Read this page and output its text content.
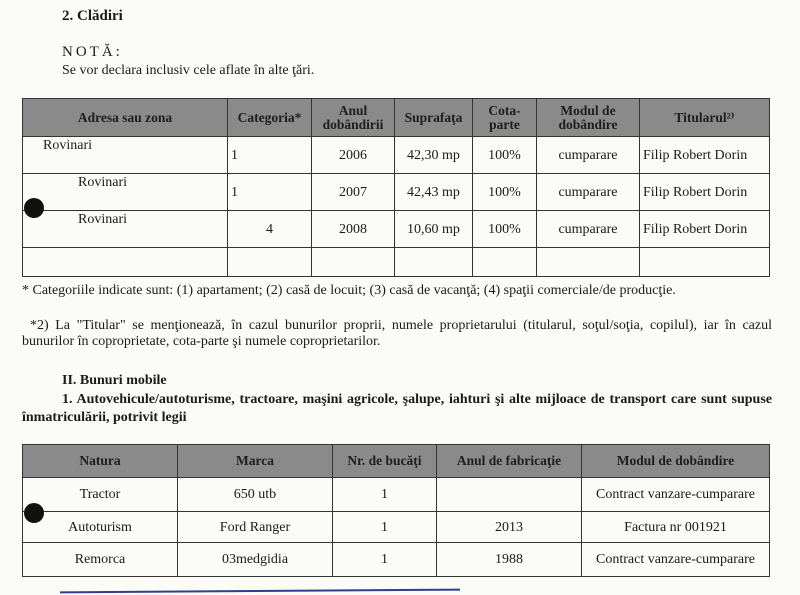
2. Clădiri
NOTĂ:
Se vor declara inclusiv cele aflate în alte ţări.
Adresa sau zona	Categoria*	Anul dobândirii	Suprafaţa	Cota-parte	Modul de dobândire	Titularul²⁾
Rovinari	1	2006	42,30 mp	100%	cumparare	Filip Robert Dorin
Rovinari	1	2007	42,43 mp	100%	cumparare	Filip Robert Dorin
Rovinari	4	2008	10,60 mp	100%	cumparare	Filip Robert Dorin

* Categoriile indicate sunt: (1) apartament; (2) casă de locuit; (3) casă de vacanţă; (4) spaţii comerciale/de producţie.
*2) La "Titular" se menţionează, în cazul bunurilor proprii, numele proprietarului (titularul, soţul/soţia, copilul), iar în cazul bunurilor în coproprietate, cota-parte şi numele coproprietarilor.
II. Bunuri mobile
1. Autovehicule/autoturisme, tractoare, maşini agricole, şalupe, iahturi şi alte mijloace de transport care sunt supuse înmatriculării, potrivit legii
Natura	Marca	Nr. de bucăţi	Anul de fabricaţie	Modul de dobândire
Tractor	650 utb	1		Contract vanzare-cumparare
Autoturism	Ford Ranger	1	2013	Factura nr 001921
Remorca	03medgidia	1	1988	Contract vanzare-cumparare
